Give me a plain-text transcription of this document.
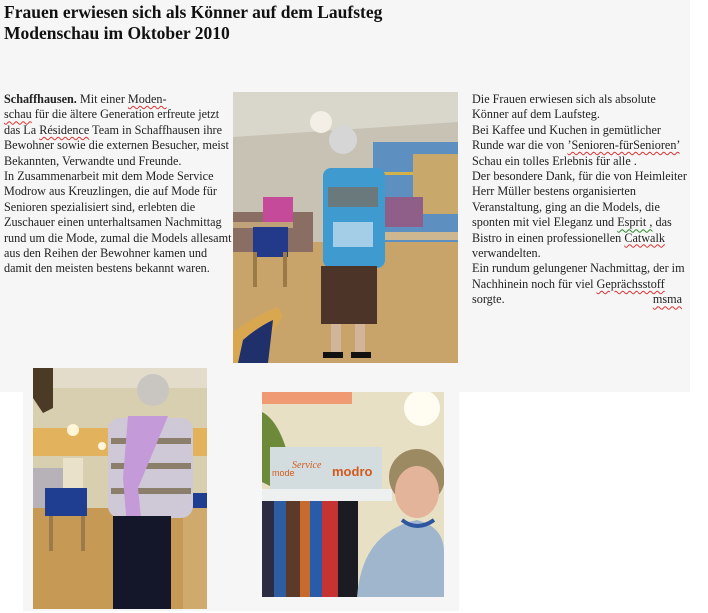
Frauen erwiesen sich als Könner auf dem Laufsteg
Modenschau im Oktober 2010

Schaffhausen. Mit einer Moden-
schau für die ältere Generation erfreute jetzt das La Résidence Team in Schaffhausen ihre Bewohner sowie die externen Besucher, meist Bekannten, Verwandte und Freunde.

In Zusammenarbeit mit dem Mode Service Modrow aus Kreuzlingen, die auf Mode für Senioren spezialisiert sind, erlebten die Zuschauer einen unterhaltsamen Nachmittag rund um die Mode, zumal die Models allesamt aus den Reihen der Bewohner kamen und damit den meisten bestens bekannt waren.

mode
Service modro

Die Frauen erwiesen sich als absolute Könner auf dem Laufsteg.

Bei Kaffee und Kuchen in gemütlicher Runde war die von ’Senioren-fürSenioren’ Schau ein tolles Erlebnis für alle .

Der besondere Dank, für die von Heimleiter Herr Müller bestens organisierten Veranstaltung, ging an die Models, die sponten mit viel Eleganz und Esprit , das Bistro in einen professionellen Catwalk verwandelten.

Ein rundum gelungener Nachmittag, der im Nachhinein noch für viel Geprächsstoff sorgte.	msma
